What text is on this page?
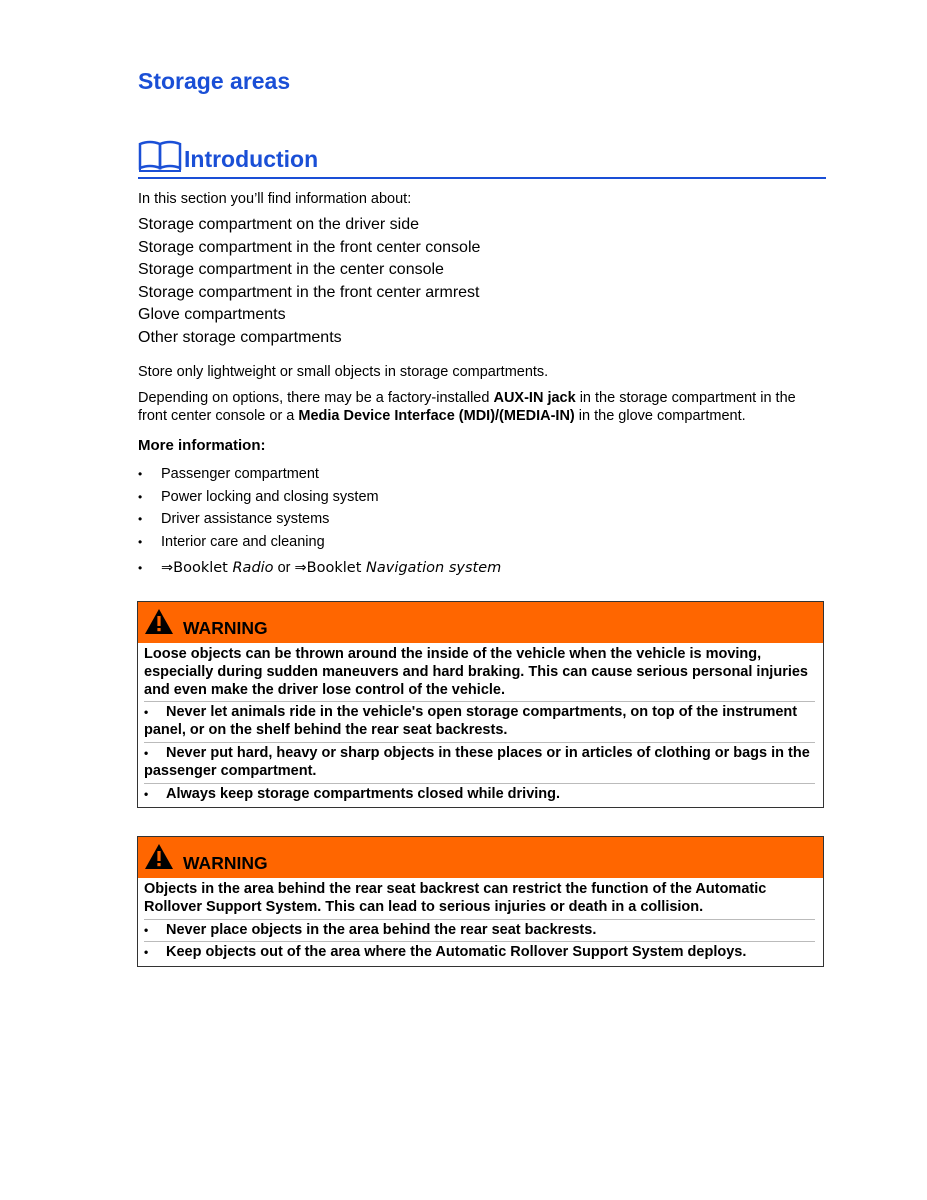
Storage areas
Introduction
In this section you’ll find information about:
Storage compartment on the driver side
Storage compartment in the front center console
Storage compartment in the center console
Storage compartment in the front center armrest
Glove compartments
Other storage compartments
Store only lightweight or small objects in storage compartments.
Depending on options, there may be a factory-installed AUX-IN jack in the storage compartment in the front center console or a Media Device Interface (MDI)/(MEDIA-IN) in the glove compartment.
More information:
• Passenger compartment
• Power locking and closing system
• Driver assistance systems
• Interior care and cleaning
• ⇒Booklet Radio or ⇒Booklet Navigation system
WARNING

Loose objects can be thrown around the inside of the vehicle when the vehicle is moving, especially during sudden maneuvers and hard braking. This can cause serious personal injuries and even make the driver lose control of the vehicle.

• Never let animals ride in the vehicle's open storage compartments, on top of the instrument panel, or on the shelf behind the rear seat backrests.

• Never put hard, heavy or sharp objects in these places or in articles of clothing or bags in the passenger compartment.

• Always keep storage compartments closed while driving.

WARNING

Objects in the area behind the rear seat backrest can restrict the function of the Automatic Rollover Support System. This can lead to serious injuries or death in a collision.

• Never place objects in the area behind the rear seat backrests.

• Keep objects out of the area where the Automatic Rollover Support System deploys.
